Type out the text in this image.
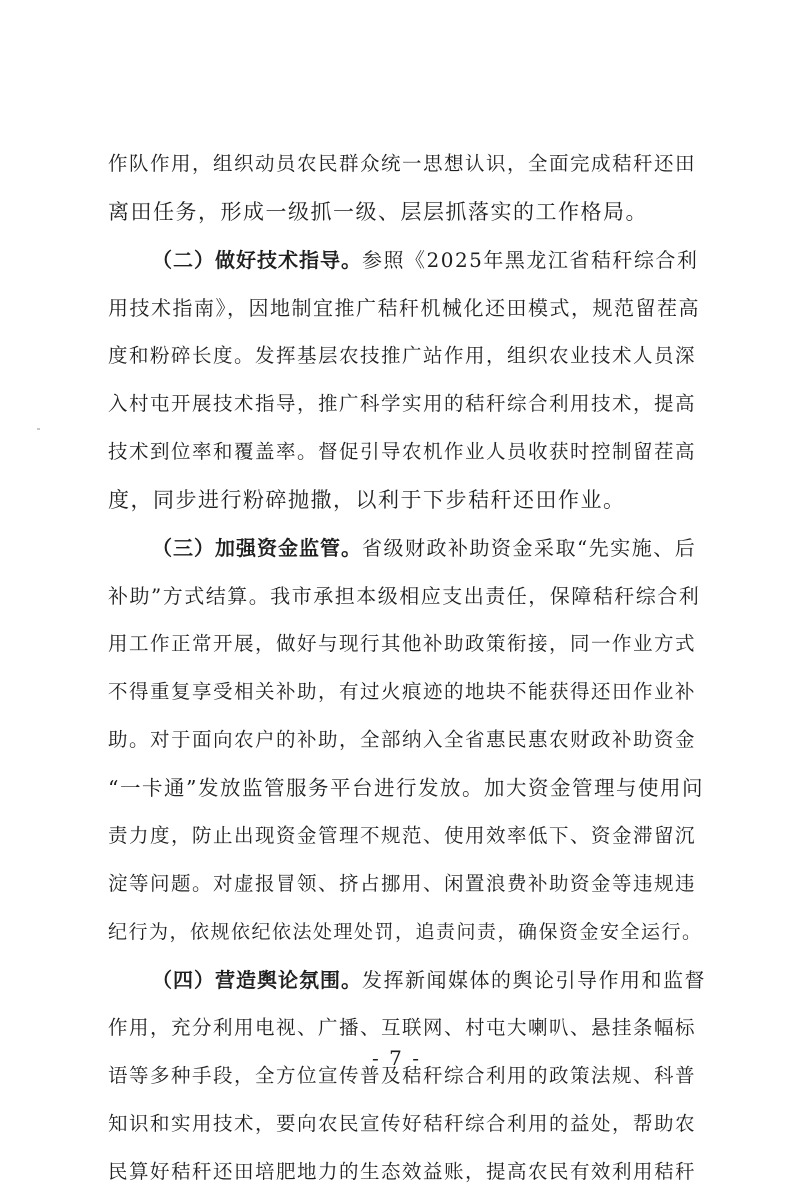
作队作用，组织动员农民群众统一思想认识，全面完成秸秆还田
离田任务，形成一级抓一级、层层抓落实的工作格局。
（二）做好技术指导。参照《2025年黑龙江省秸秆综合利
用技术指南》，因地制宜推广秸秆机械化还田模式，规范留茬高
度和粉碎长度。发挥基层农技推广站作用，组织农业技术人员深
入村屯开展技术指导，推广科学实用的秸秆综合利用技术，提高
技术到位率和覆盖率。督促引导农机作业人员收获时控制留茬高
度，同步进行粉碎抛撒，以利于下步秸秆还田作业。
（三）加强资金监管。省级财政补助资金采取“先实施、后
补助”方式结算。我市承担本级相应支出责任，保障秸秆综合利
用工作正常开展，做好与现行其他补助政策衔接，同一作业方式
不得重复享受相关补助，有过火痕迹的地块不能获得还田作业补
助。对于面向农户的补助，全部纳入全省惠民惠农财政补助资金
“一卡通”发放监管服务平台进行发放。加大资金管理与使用问
责力度，防止出现资金管理不规范、使用效率低下、资金滞留沉
淀等问题。对虚报冒领、挤占挪用、闲置浪费补助资金等违规违
纪行为，依规依纪依法处理处罚，追责问责，确保资金安全运行。
（四）营造舆论氛围。发挥新闻媒体的舆论引导作用和监督
作用，充分利用电视、广播、互联网、村屯大喇叭、悬挂条幅标
语等多种手段，全方位宣传普及秸秆综合利用的政策法规、科普
知识和实用技术，要向农民宣传好秸秆综合利用的益处，帮助农
民算好秸秆还田培肥地力的生态效益账，提高农民有效利用秸秆
- 7 -
